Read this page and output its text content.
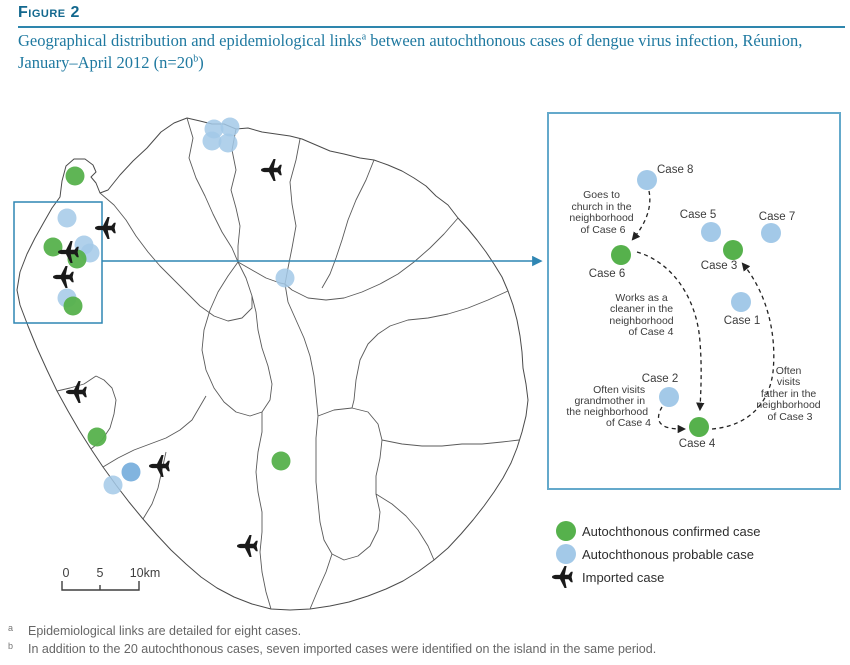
Figure 2

Geographical distribution and epidemiological links$^a$ between autochthonous cases of dengue virus infection, Réunion, January–April 2012 $(n=20^b)$

0 5 10km
Case 8
Case 5	Case 7
Case 6
Case 3
Case 1
Case 2
Case 4
Goes to church in the neighborhood of Case 6
Works as a cleaner in the neighborhood of Case 4
Often visits grandmother in the neighborhood of Case 4
Often visits father in the neighborhood of Case 3
Autochthonous confirmed case
Autochthonous probable case
Imported case

a	Epidemiological links are detailed for eight cases.

b	In addition to the 20 autochthonous cases, seven imported cases were identified on the island in the same period.
